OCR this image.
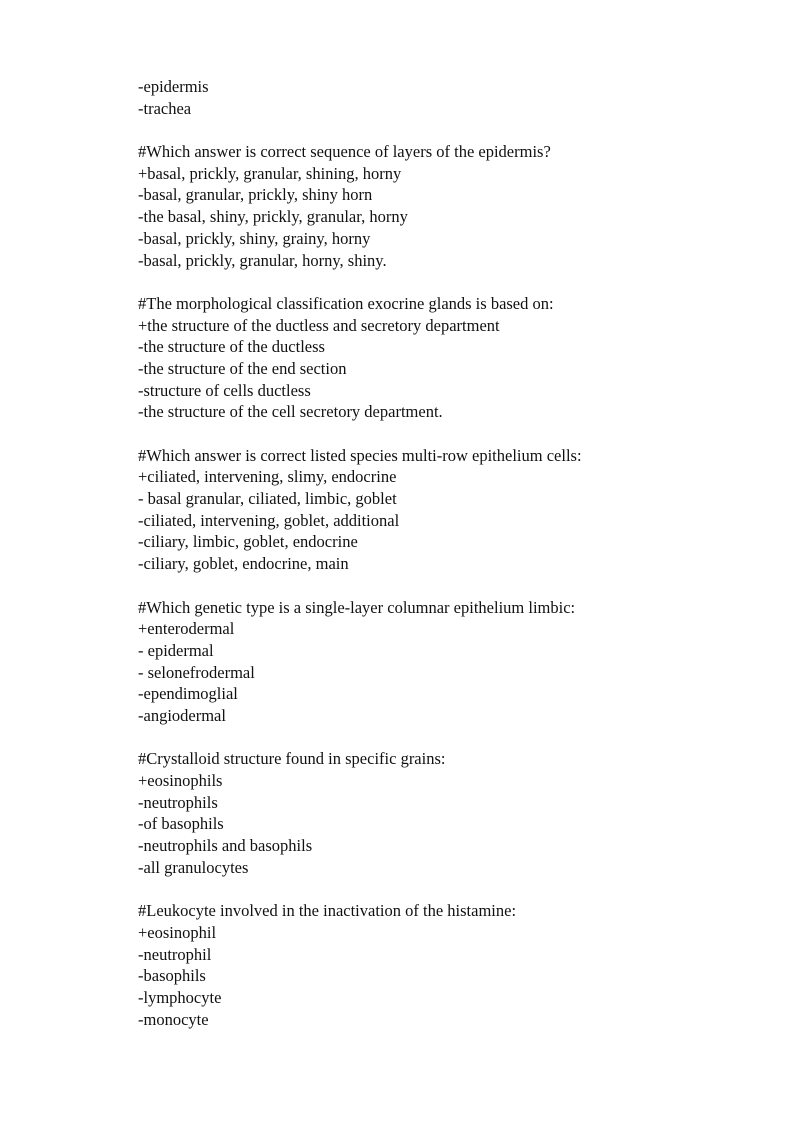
-epidermis
-trachea
#Which answer is correct sequence of layers of the epidermis?
+basal, prickly, granular, shining, horny
-basal, granular, prickly, shiny horn
-the basal, shiny, prickly, granular, horny
-basal, prickly, shiny, grainy, horny
-basal, prickly, granular, horny, shiny.
#The morphological classification exocrine glands is based on:
+the structure of the ductless and secretory department
-the structure of the ductless
-the structure of the end section
-structure of cells ductless
-the structure of the cell secretory department.
#Which answer is correct listed species multi-row epithelium cells:
+ciliated, intervening, slimy, endocrine
- basal granular, ciliated, limbic, goblet
-ciliated, intervening, goblet, additional
-ciliary, limbic, goblet, endocrine
-ciliary, goblet, endocrine, main
#Which genetic type is a single-layer columnar epithelium limbic:
+enterodermal
- epidermal
- selonefrodermal
-ependimoglial
-angiodermal
#Crystalloid structure found in specific grains:
+eosinophils
-neutrophils
-of basophils
-neutrophils and basophils
-all granulocytes
#Leukocyte involved in the inactivation of the histamine:
+eosinophil
-neutrophil
-basophils
-lymphocyte
-monocyte
